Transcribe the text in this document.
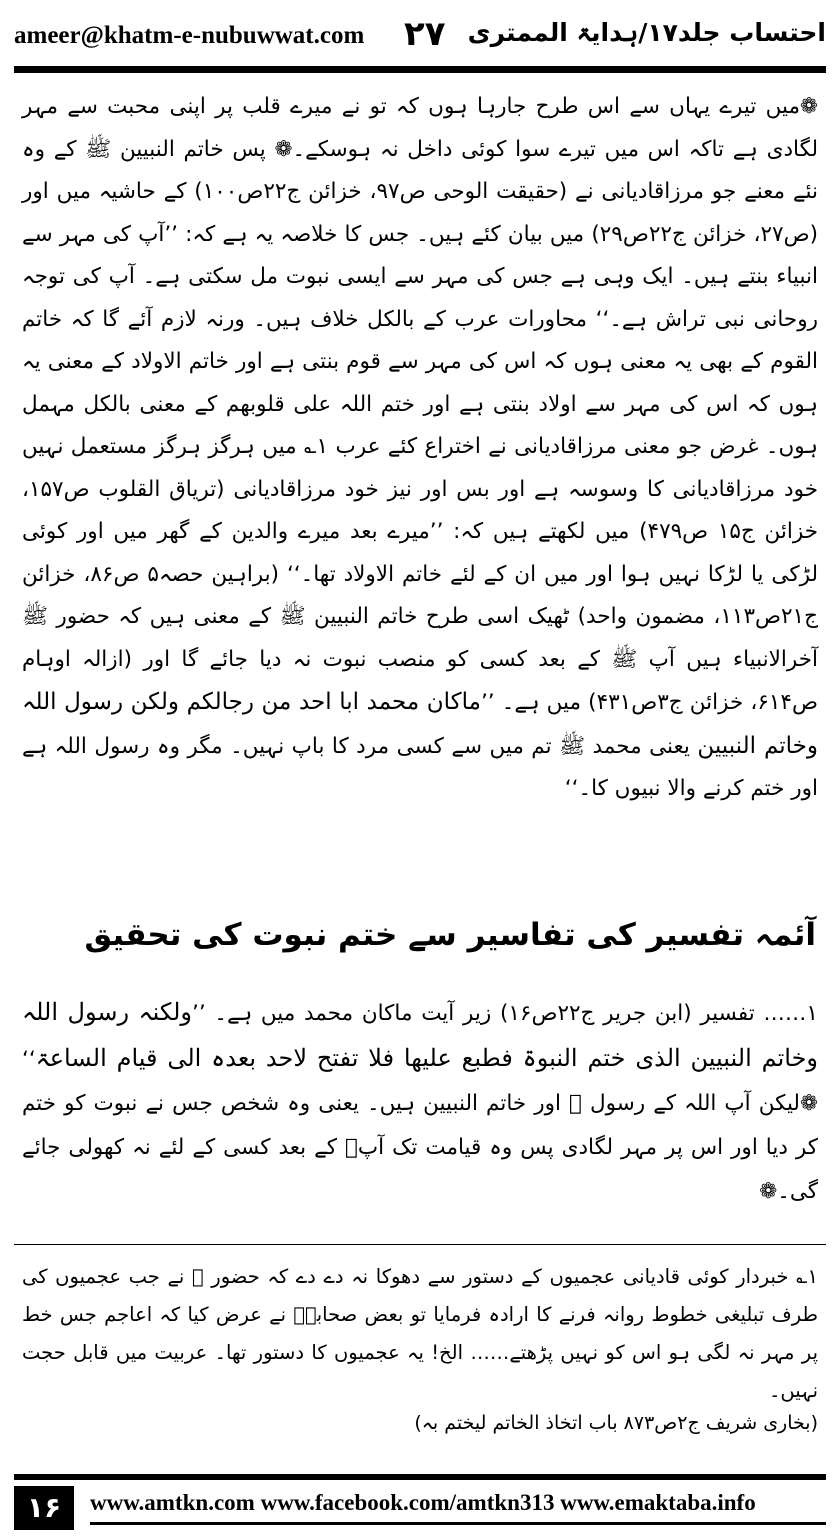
ameer@khatm-e-nubuwwat.com ۲۷ احتساب جلد۱۷/ہدایۃ الممتری
❁میں تیرے یہاں سے اس طرح جارہا ہوں کہ تو نے میرے قلب پر اپنی محبت سے مہر لگادی ہے تاکہ اس میں تیرے سوا کوئی داخل نہ ہوسکے۔❁ پس خاتم النبیین ﷺ کے وہ نئے معنے جو مرزاقادیانی نے (حقیقت الوحی ص۹۷، خزائن ج۲۲ص۱۰۰) کے حاشیہ میں اور (ص۲۷، خزائن ج۲۲ص۲۹) میں بیان کئے ہیں۔ جس کا خلاصہ یہ ہے کہ: ’’آپ کی مہر سے انبیاء بنتے ہیں۔ ایک وہی ہے جس کی مہر سے ایسی نبوت مل سکتی ہے۔ آپ کی توجہ روحانی نبی تراش ہے۔‘‘ محاورات عرب کے بالکل خلاف ہیں۔ ورنہ لازم آئے گا کہ خاتم القوم کے بھی یہ معنی ہوں کہ اس کی مہر سے قوم بنتی ہے اور خاتم الاولاد کے معنی یہ ہوں کہ اس کی مہر سے اولاد بنتی ہے اور ختم اللہ علی قلوبھم کے معنی بالکل مہمل ہوں۔ غرض جو معنی مرزاقادیانی نے اختراع کئے عرب ۱؎ میں ہرگز ہرگز مستعمل نہیں خود مرزاقادیانی کا وسوسہ ہے اور بس اور نیز خود مرزاقادیانی (تریاق القلوب ص۱۵۷، خزائن ج۱۵ ص۴۷۹) میں لکھتے ہیں کہ: ’’میرے بعد میرے والدین کے گھر میں اور کوئی لڑکی یا لڑکا نہیں ہوا اور میں ان کے لئے خاتم الاولاد تھا۔‘‘ (براہین حصہ۵ ص۸۶، خزائن ج۲۱ص۱۱۳، مضمون واحد) ٹھیک اسی طرح خاتم النبیین ﷺ کے معنی ہیں کہ حضور ﷺ آخرالانبیاء ہیں آپ ﷺ کے بعد کسی کو منصب نبوت نہ دیا جائے گا اور (ازالہ اوہام ص۶۱۴، خزائن ج۳ص۴۳۱) میں ہے۔ ’’ماکان محمد ابا احد من رجالکم ولکن رسول اللہ وخاتم النبیین یعنی محمد ﷺ تم میں سے کسی مرد کا باپ نہیں۔ مگر وہ رسول اللہ ہے اور ختم کرنے والا نبیوں کا۔‘‘
آئمہ تفسیر کی تفاسیر سے ختم نبوت کی تحقیق
۱…… تفسیر (ابن جریر ج۲۲ص۱۶) زیر آیت ماکان محمد میں ہے۔ ’’ولکنہ رسول اللہ وخاتم النبیین الذی ختم النبوۃ فطبع علیھا فلا تفتح لاحد بعدہ الی قیام الساعۃ‘‘ ❁لیکن آپ اللہ کے رسول ﷺ اور خاتم النبیین ہیں۔ یعنی وہ شخص جس نے نبوت کو ختم کر دیا اور اس پر مہر لگادی پس وہ قیامت تک آپؐ کے بعد کسی کے لئے نہ کھولی جائے گی۔❁
۱؎ خبردار کوئی قادیانی عجمیوں کے دستور سے دھوکا نہ دے دے کہ حضور ﷺ نے جب عجمیوں کی طرف تبلیغی خطوط روانہ فرنے کا ارادہ فرمایا تو بعض صحابہؓ نے عرض کیا کہ اعاجم جس خط پر مہر نہ لگی ہو اس کو نہیں پڑھتے…… الخ! یہ عجمیوں کا دستور تھا۔ عربیت میں قابل حجت نہیں۔
(بخاری شریف ج۲ص۸۷۳ باب اتخاذ الخاتم لیختم بہ)
۱۶	www.amtkn.com www.facebook.com/amtkn313 www.emaktaba.info
